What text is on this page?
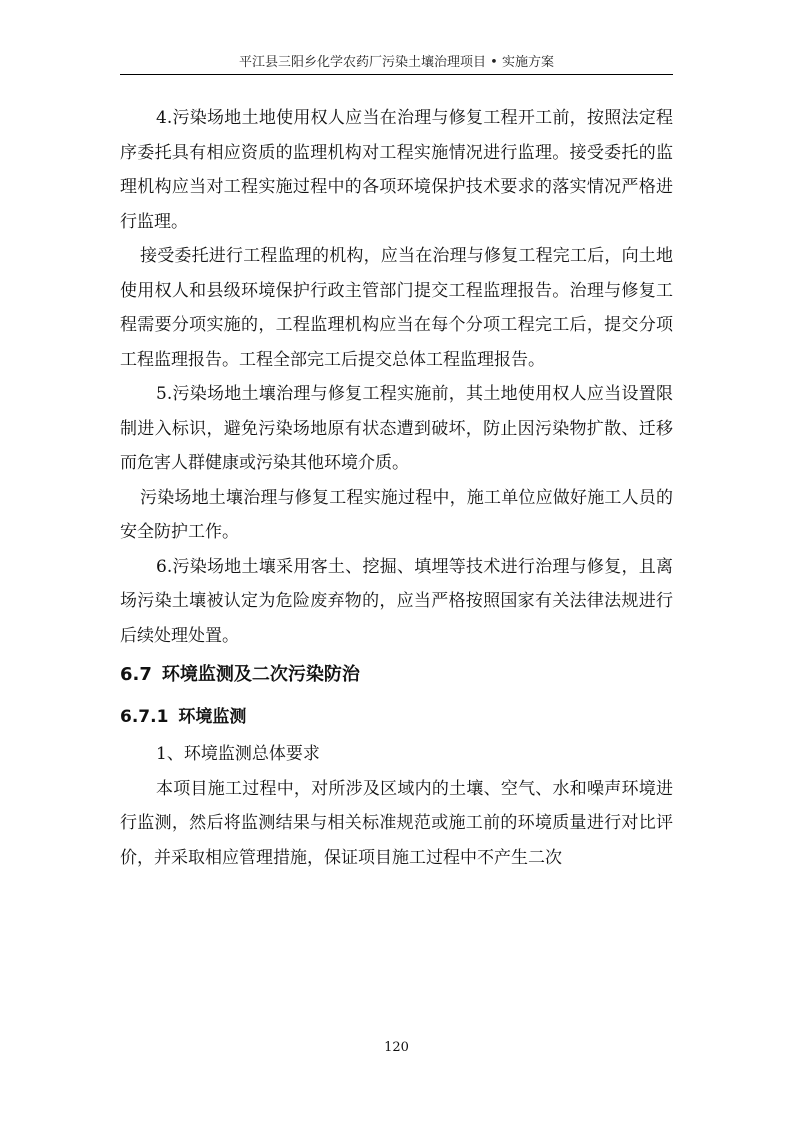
平江县三阳乡化学农药厂污染土壤治理项目 • 实施方案

4.污染场地土地使用权人应当在治理与修复工程开工前，按照法定程序委托具有相应资质的监理机构对工程实施情况进行监理。接受委托的监理机构应当对工程实施过程中的各项环境保护技术要求的落实情况严格进行监理。

接受委托进行工程监理的机构，应当在治理与修复工程完工后，向土地使用权人和县级环境保护行政主管部门提交工程监理报告。治理与修复工程需要分项实施的，工程监理机构应当在每个分项工程完工后，提交分项工程监理报告。工程全部完工后提交总体工程监理报告。

5.污染场地土壤治理与修复工程实施前，其土地使用权人应当设置限制进入标识，避免污染场地原有状态遭到破坏，防止因污染物扩散、迁移而危害人群健康或污染其他环境介质。

污染场地土壤治理与修复工程实施过程中，施工单位应做好施工人员的安全防护工作。

6.污染场地土壤采用客土、挖掘、填埋等技术进行治理与修复，且离场污染土壤被认定为危险废弃物的，应当严格按照国家有关法律法规进行后续处理处置。

6.7 环境监测及二次污染防治
6.7.1 环境监测

1、环境监测总体要求

本项目施工过程中，对所涉及区域内的土壤、空气、水和噪声环境进行监测，然后将监测结果与相关标准规范或施工前的环境质量进行对比评价，并采取相应管理措施，保证项目施工过程中不产生二次

120
